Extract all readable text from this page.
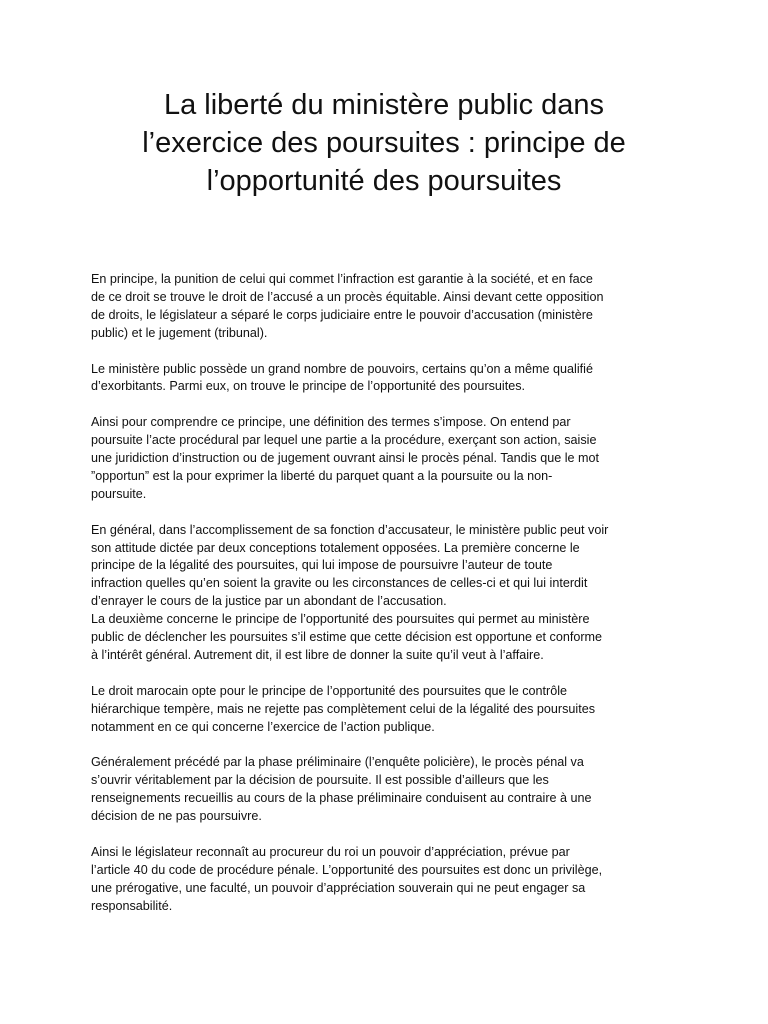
La liberté du ministère public dans
l’exercice des poursuites : principe de
l’opportunité des poursuites

En principe, la punition de celui qui commet l’infraction est garantie à la société, et en face
de ce droit se trouve le droit de l’accusé a un procès équitable. Ainsi devant cette opposition
de droits, le législateur a séparé le corps judiciaire entre le pouvoir d’accusation (ministère
public) et le jugement (tribunal).

Le ministère public possède un grand nombre de pouvoirs, certains qu’on a même qualifié
d’exorbitants. Parmi eux, on trouve le principe de l’opportunité des poursuites.

Ainsi pour comprendre ce principe, une définition des termes s’impose. On entend par
poursuite l’acte procédural par lequel une partie a la procédure, exerçant son action, saisie
une juridiction d’instruction ou de jugement ouvrant ainsi le procès pénal. Tandis que le mot
”opportun” est la pour exprimer la liberté du parquet quant a la poursuite ou la non-
poursuite.

En général, dans l’accomplissement de sa fonction d’accusateur, le ministère public peut voir
son attitude dictée par deux conceptions totalement opposées. La première concerne le
principe de la légalité des poursuites, qui lui impose de poursuivre l’auteur de toute
infraction quelles qu’en soient la gravite ou les circonstances de celles-ci et qui lui interdit
d’enrayer le cours de la justice par un abondant de l’accusation.

La deuxième concerne le principe de l’opportunité des poursuites qui permet au ministère
public de déclencher les poursuites s’il estime que cette décision est opportune et conforme
à l’intérêt général. Autrement dit, il est libre de donner la suite qu’il veut à l’affaire.

Le droit marocain opte pour le principe de l’opportunité des poursuites que le contrôle
hiérarchique tempère, mais ne rejette pas complètement celui de la légalité des poursuites
notamment en ce qui concerne l’exercice de l’action publique.

Généralement précédé par la phase préliminaire (l’enquête policière), le procès pénal va
s’ouvrir véritablement par la décision de poursuite. Il est possible d’ailleurs que les
renseignements recueillis au cours de la phase préliminaire conduisent au contraire à une
décision de ne pas poursuivre.

Ainsi le législateur reconnaît au procureur du roi un pouvoir d’appréciation, prévue par
l’article 40 du code de procédure pénale. L’opportunité des poursuites est donc un privilège,
une prérogative, une faculté, un pouvoir d’appréciation souverain qui ne peut engager sa
responsabilité.
